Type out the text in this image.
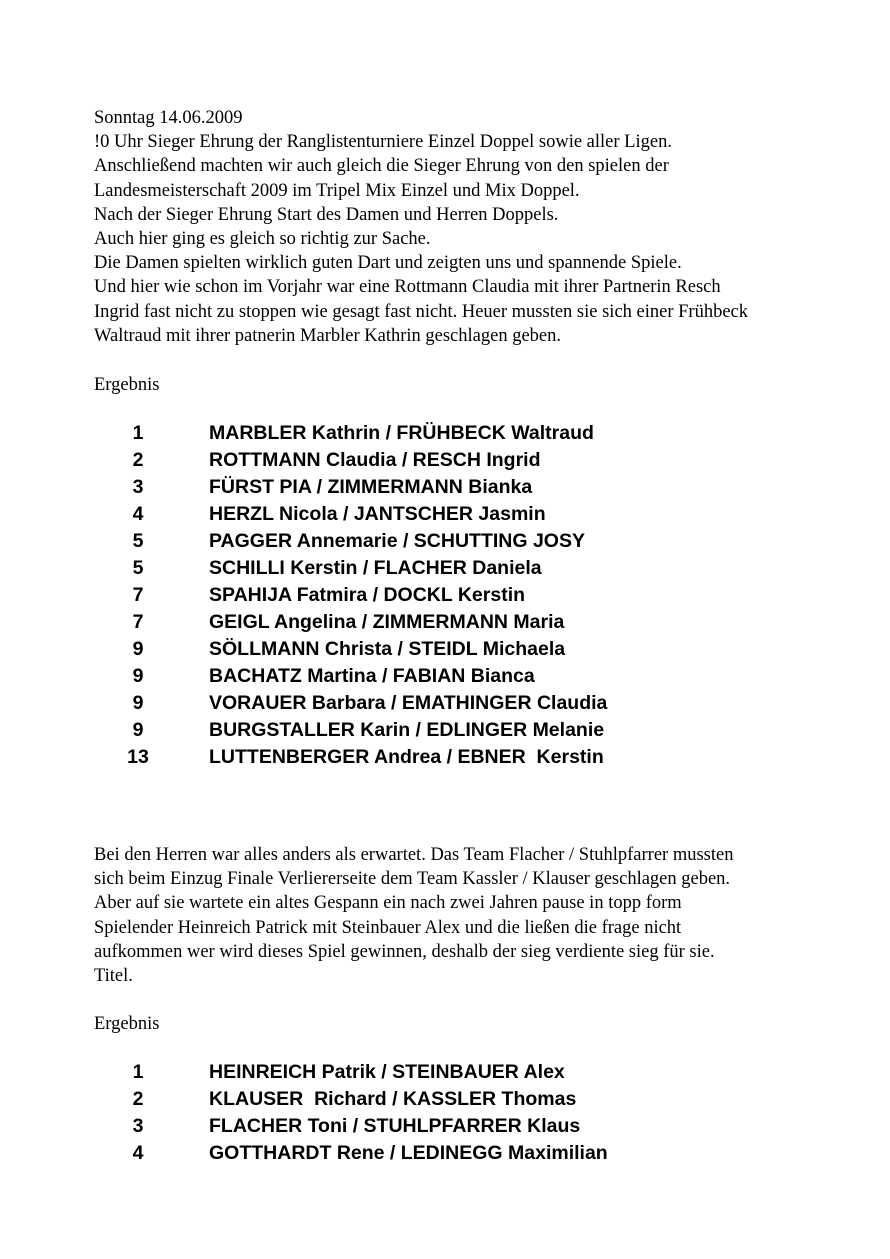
Sonntag 14.06.2009
!0 Uhr Sieger Ehrung der Ranglistenturniere Einzel Doppel sowie aller Ligen.
Anschließend machten wir auch gleich die Sieger Ehrung von den spielen der
Landesmeisterschaft 2009 im Tripel Mix Einzel und Mix Doppel.
Nach der Sieger Ehrung Start des Damen und Herren Doppels.
Auch hier ging es gleich so richtig zur Sache.
Die Damen spielten wirklich guten Dart und zeigten uns und spannende Spiele.
Und hier wie schon im Vorjahr war eine Rottmann Claudia mit ihrer Partnerin Resch
Ingrid fast nicht zu stoppen wie gesagt fast nicht. Heuer mussten sie sich einer Frühbeck
Waltraud mit ihrer patnerin Marbler Kathrin geschlagen geben.
Ergebnis
1	MARBLER Kathrin / FRÜHBECK Waltraud
2	ROTTMANN Claudia / RESCH Ingrid
3	FÜRST PIA / ZIMMERMANN Bianka
4	HERZL Nicola / JANTSCHER Jasmin
5	PAGGER Annemarie / SCHUTTING JOSY
5	SCHILLI Kerstin / FLACHER Daniela
7	SPAHIJA Fatmira / DOCKL Kerstin
7	GEIGL Angelina / ZIMMERMANN Maria
9	SÖLLMANN Christa / STEIDL Michaela
9	BACHATZ Martina / FABIAN Bianca
9	VORAUER Barbara / EMATHINGER Claudia
9	BURGSTALLER Karin / EDLINGER Melanie
13	LUTTENBERGER Andrea / EBNER  Kerstin
Bei den Herren war alles anders als erwartet. Das Team Flacher / Stuhlpfarrer mussten
sich beim Einzug Finale Verliererseite dem Team Kassler / Klauser geschlagen geben.
Aber auf sie wartete ein altes Gespann ein nach zwei Jahren pause in topp form
Spielender Heinreich Patrick mit Steinbauer Alex und die ließen die frage nicht
aufkommen wer wird dieses Spiel gewinnen, deshalb der sieg verdiente sieg für sie.
Titel.
Ergebnis
1	HEINREICH Patrik / STEINBAUER Alex
2	KLAUSER  Richard / KASSLER Thomas
3	FLACHER Toni / STUHLPFARRER Klaus
4	GOTTHARDT Rene / LEDINEGG Maximilian
